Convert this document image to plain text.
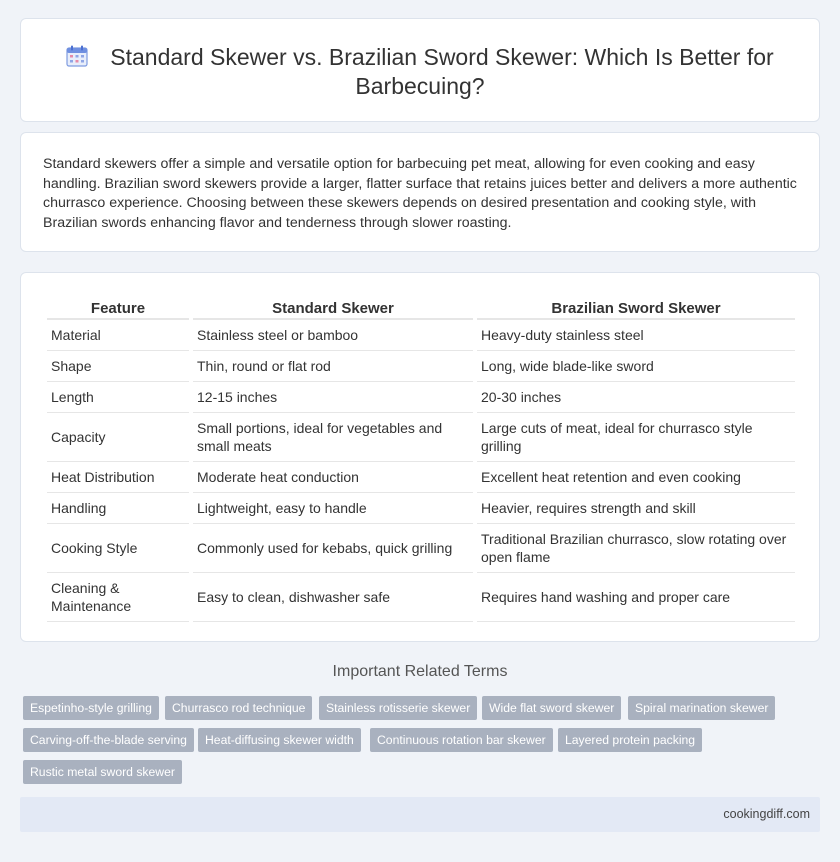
Standard Skewer vs. Brazilian Sword Skewer: Which Is Better for Barbecuing?

Standard skewers offer a simple and versatile option for barbecuing pet meat, allowing for even cooking and easy handling. Brazilian sword skewers provide a larger, flatter surface that retains juices better and delivers a more authentic churrasco experience. Choosing between these skewers depends on desired presentation and cooking style, with Brazilian swords enhancing flavor and tenderness through slower roasting.

Feature	Standard Skewer	Brazilian Sword Skewer
Material	Stainless steel or bamboo	Heavy-duty stainless steel
Shape	Thin, round or flat rod	Long, wide blade-like sword
Length	12-15 inches	20-30 inches
Capacity	Small portions, ideal for vegetables and small meats	Large cuts of meat, ideal for churrasco style grilling
Heat Distribution	Moderate heat conduction	Excellent heat retention and even cooking
Handling	Lightweight, easy to handle	Heavier, requires strength and skill
Cooking Style	Commonly used for kebabs, quick grilling	Traditional Brazilian churrasco, slow rotating over open flame
Cleaning & Maintenance	Easy to clean, dishwasher safe	Requires hand washing and proper care
Important Related Terms
Espetinho-style grilling	Churrasco rod technique	Stainless rotisserie skewer	Wide flat sword skewer	Spiral marination skewer
Carving-off-the-blade serving	Heat-diffusing skewer width	Continuous rotation bar skewer	Layered protein packing
Rustic metal sword skewer
cookingdiff.com
